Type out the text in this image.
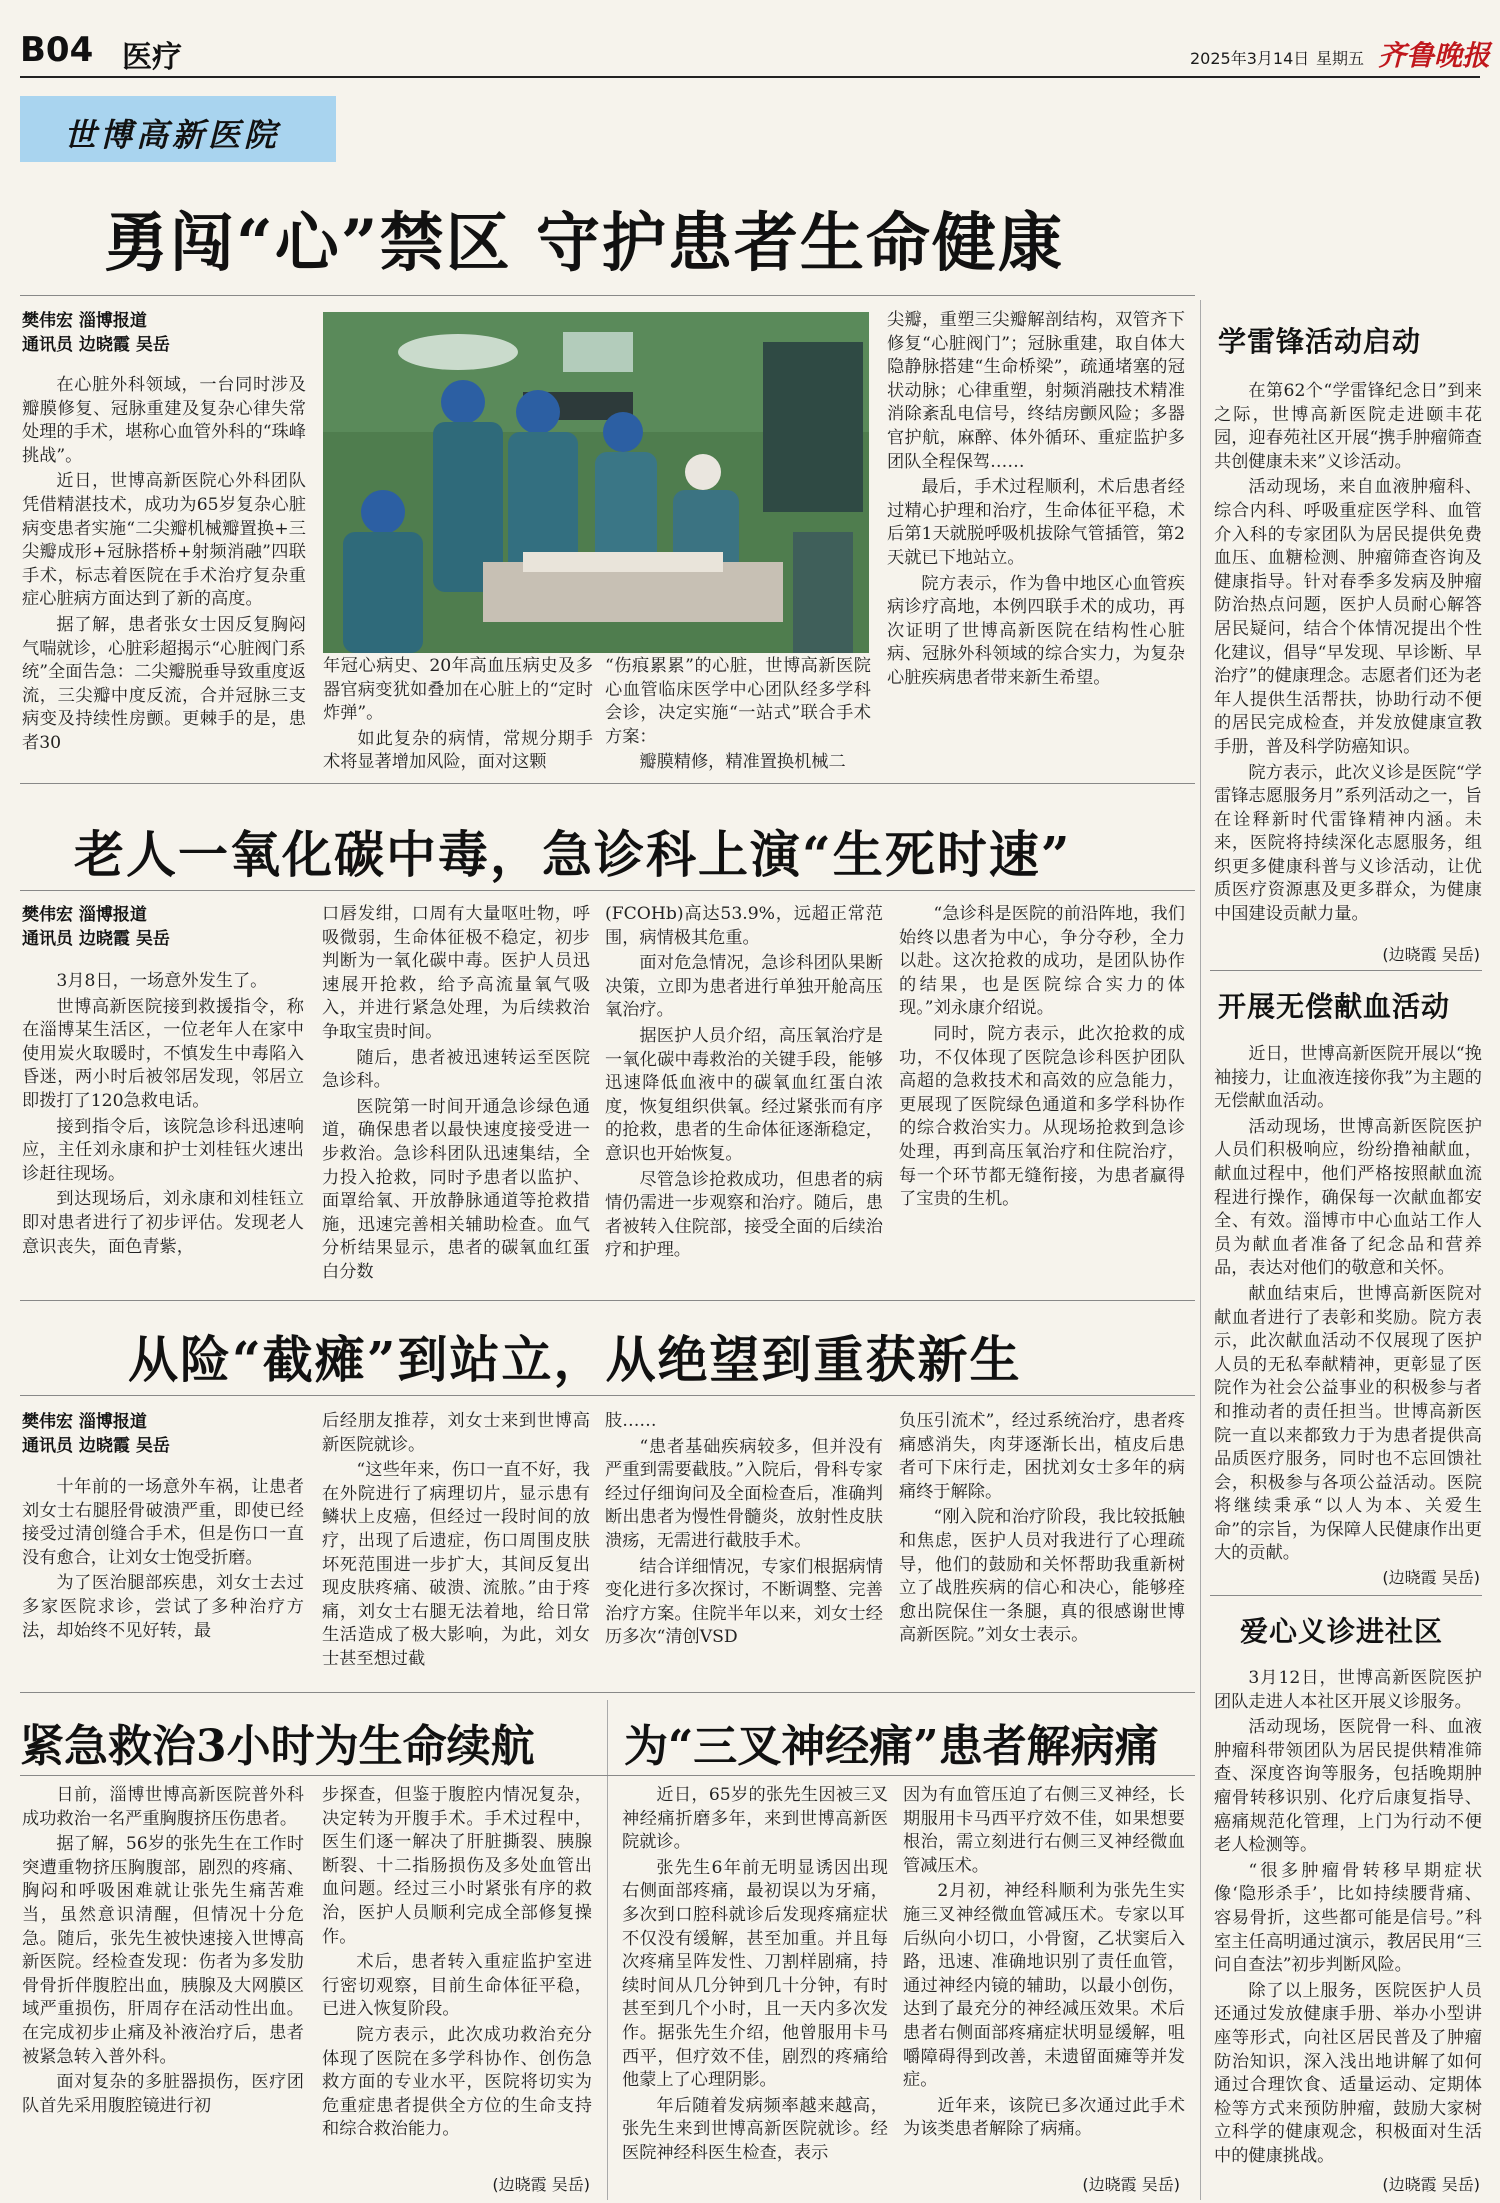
B04 医疗	2025年3月14日 星期五 齐鲁晚报
世博高新医院
勇闯“心”禁区 守护患者生命健康
樊伟宏 淄博报道
通讯员 边晓霞 吴岳

在心脏外科领域，一台同时涉及瓣膜修复、冠脉重建及复杂心律失常处理的手术，堪称心血管外科的“珠峰挑战”。

近日，世博高新医院心外科团队凭借精湛技术，成功为65岁复杂心脏病变患者实施“二尖瓣机械瓣置换+三尖瓣成形+冠脉搭桥+射频消融”四联手术，标志着医院在手术治疗复杂重症心脏病方面达到了新的高度。

据了解，患者张女士因反复胸闷气喘就诊，心脏彩超揭示“心脏阀门系统”全面告急：二尖瓣脱垂导致重度返流，三尖瓣中度反流，合并冠脉三支病变及持续性房颤。更棘手的是，患者30

年冠心病史、20年高血压病史及多器官病变犹如叠加在心脏上的“定时炸弹”。

如此复杂的病情，常规分期手术将显著增加风险，面对这颗

“伤痕累累”的心脏，世博高新医院心血管临床医学中心团队经多学科会诊，决定实施“一站式”联合手术方案：

瓣膜精修，精准置换机械二

尖瓣，重塑三尖瓣解剖结构，双管齐下修复“心脏阀门”；冠脉重建，取自体大隐静脉搭建“生命桥梁”，疏通堵塞的冠状动脉；心律重塑，射频消融技术精准消除紊乱电信号，终结房颤风险；多器官护航，麻醉、体外循环、重症监护多团队全程保驾……

最后，手术过程顺利，术后患者经过精心护理和治疗，生命体征平稳，术后第1天就脱呼吸机拔除气管插管，第2天就已下地站立。

院方表示，作为鲁中地区心血管疾病诊疗高地，本例四联手术的成功，再次证明了世博高新医院在结构性心脏病、冠脉外科领域的综合实力，为复杂心脏疾病患者带来新生希望。

老人一氧化碳中毒，急诊科上演“生死时速”
樊伟宏 淄博报道
通讯员 边晓霞 吴岳

3月8日，一场意外发生了。

世博高新医院接到救援指令，称在淄博某生活区，一位老年人在家中使用炭火取暖时，不慎发生中毒陷入昏迷，两小时后被邻居发现，邻居立即拨打了120急救电话。

接到指令后，该院急诊科迅速响应，主任刘永康和护士刘桂钰火速出诊赶往现场。

到达现场后，刘永康和刘桂钰立即对患者进行了初步评估。发现老人意识丧失，面色青紫，

口唇发绀，口周有大量呕吐物，呼吸微弱，生命体征极不稳定，初步判断为一氧化碳中毒。医护人员迅速展开抢救，给予高流量氧气吸入，并进行紧急处理，为后续救治争取宝贵时间。

随后，患者被迅速转运至医院急诊科。

医院第一时间开通急诊绿色通道，确保患者以最快速度接受进一步救治。急诊科团队迅速集结，全力投入抢救，同时予患者以监护、面罩给氧、开放静脉通道等抢救措施，迅速完善相关辅助检查。血气分析结果显示，患者的碳氧血红蛋白分数

(FCOHb)高达53.9%，远超正常范围，病情极其危重。

面对危急情况，急诊科团队果断决策，立即为患者进行单独开舱高压氧治疗。

据医护人员介绍，高压氧治疗是一氧化碳中毒救治的关键手段，能够迅速降低血液中的碳氧血红蛋白浓度，恢复组织供氧。经过紧张而有序的抢救，患者的生命体征逐渐稳定，意识也开始恢复。

尽管急诊抢救成功，但患者的病情仍需进一步观察和治疗。随后，患者被转入住院部，接受全面的后续治疗和护理。

“急诊科是医院的前沿阵地，我们始终以患者为中心，争分夺秒，全力以赴。这次抢救的成功，是团队协作的结果，也是医院综合实力的体现。”刘永康介绍说。

同时，院方表示，此次抢救的成功，不仅体现了医院急诊科医护团队高超的急救技术和高效的应急能力，更展现了医院绿色通道和多学科协作的综合救治实力。从现场抢救到急诊处理，再到高压氧治疗和住院治疗，每一个环节都无缝衔接，为患者赢得了宝贵的生机。

从险“截瘫”到站立，从绝望到重获新生
樊伟宏 淄博报道
通讯员 边晓霞 吴岳

十年前的一场意外车祸，让患者刘女士右腿胫骨破溃严重，即使已经接受过清创缝合手术，但是伤口一直没有愈合，让刘女士饱受折磨。

为了医治腿部疾患，刘女士去过多家医院求诊，尝试了多种治疗方法，却始终不见好转，最

后经朋友推荐，刘女士来到世博高新医院就诊。

“这些年来，伤口一直不好，我在外院进行了病理切片，显示患有鳞状上皮癌，但经过一段时间的放疗，出现了后遗症，伤口周围皮肤坏死范围进一步扩大，其间反复出现皮肤疼痛、破溃、流脓。”由于疼痛，刘女士右腿无法着地，给日常生活造成了极大影响，为此，刘女士甚至想过截

肢……

“患者基础疾病较多，但并没有严重到需要截肢。”入院后，骨科专家经过仔细询问及全面检查后，准确判断出患者为慢性骨髓炎，放射性皮肤溃疡，无需进行截肢手术。

结合详细情况，专家们根据病情变化进行多次探讨，不断调整、完善治疗方案。住院半年以来，刘女士经历多次“清创VSD

负压引流术”，经过系统治疗，患者疼痛感消失，肉芽逐渐长出，植皮后患者可下床行走，困扰刘女士多年的病痛终于解除。

“刚入院和治疗阶段，我比较抵触和焦虑，医护人员对我进行了心理疏导，他们的鼓励和关怀帮助我重新树立了战胜疾病的信心和决心，能够痊愈出院保住一条腿，真的很感谢世博高新医院。”刘女士表示。

紧急救治3小时为生命续航 为“三叉神经痛”患者解病痛

日前，淄博世博高新医院普外科成功救治一名严重胸腹挤压伤患者。

据了解，56岁的张先生在工作时突遭重物挤压胸腹部，剧烈的疼痛、胸闷和呼吸困难就让张先生痛苦难当，虽然意识清醒，但情况十分危急。随后，张先生被快速接入世博高新医院。经检查发现：伤者为多发肋骨骨折伴腹腔出血，胰腺及大网膜区域严重损伤，肝周存在活动性出血。在完成初步止痛及补液治疗后，患者被紧急转入普外科。

面对复杂的多脏器损伤，医疗团队首先采用腹腔镜进行初

步探查，但鉴于腹腔内情况复杂，决定转为开腹手术。手术过程中，医生们逐一解决了肝脏撕裂、胰腺断裂、十二指肠损伤及多处血管出血问题。经过三小时紧张有序的救治，医护人员顺利完成全部修复操作。

术后，患者转入重症监护室进行密切观察，目前生命体征平稳，已进入恢复阶段。

院方表示，此次成功救治充分体现了医院在多学科协作、创伤急救方面的专业水平，医院将切实为危重症患者提供全方位的生命支持和综合救治能力。

(边晓霞 吴岳)

近日，65岁的张先生因被三叉神经痛折磨多年，来到世博高新医院就诊。

张先生6年前无明显诱因出现右侧面部疼痛，最初误以为牙痛，多次到口腔科就诊后发现疼痛症状不仅没有缓解，甚至加重。并且每次疼痛呈阵发性、刀割样剧痛，持续时间从几分钟到几十分钟，有时甚至到几个小时，且一天内多次发作。据张先生介绍，他曾服用卡马西平，但疗效不佳，剧烈的疼痛给他蒙上了心理阴影。

年后随着发病频率越来越高，张先生来到世博高新医院就诊。经医院神经科医生检查，表示

因为有血管压迫了右侧三叉神经，长期服用卡马西平疗效不佳，如果想要根治，需立刻进行右侧三叉神经微血管减压术。

2月初，神经科顺利为张先生实施三叉神经微血管减压术。专家以耳后纵向小切口，小骨窗，乙状窦后入路，迅速、准确地识别了责任血管，通过神经内镜的辅助，以最小创伤，达到了最充分的神经减压效果。术后患者右侧面部疼痛症状明显缓解，咀嚼障碍得到改善，未遗留面瘫等并发症。

近年来，该院已多次通过此手术为该类患者解除了病痛。

(边晓霞 吴岳)
学雷锋活动启动

在第62个“学雷锋纪念日”到来之际，世博高新医院走进颐丰花园，迎春苑社区开展“携手肿瘤筛查 共创健康未来”义诊活动。

活动现场，来自血液肿瘤科、综合内科、呼吸重症医学科、血管介入科的专家团队为居民提供免费血压、血糖检测、肿瘤筛查咨询及健康指导。针对春季多发病及肿瘤防治热点问题，医护人员耐心解答居民疑问，结合个体情况提出个性化建议，倡导“早发现、早诊断、早治疗”的健康理念。志愿者们还为老年人提供生活帮扶，协助行动不便的居民完成检查，并发放健康宣教手册，普及科学防癌知识。

院方表示，此次义诊是医院“学雷锋志愿服务月”系列活动之一，旨在诠释新时代雷锋精神内涵。未来，医院将持续深化志愿服务，组织更多健康科普与义诊活动，让优质医疗资源惠及更多群众，为健康中国建设贡献力量。

(边晓霞 吴岳)
开展无偿献血活动

近日，世博高新医院开展以“挽袖接力，让血液连接你我”为主题的无偿献血活动。

活动现场，世博高新医院医护人员们积极响应，纷纷撸袖献血，献血过程中，他们严格按照献血流程进行操作，确保每一次献血都安全、有效。淄博市中心血站工作人员为献血者准备了纪念品和营养品，表达对他们的敬意和关怀。

献血结束后，世博高新医院对献血者进行了表彰和奖励。院方表示，此次献血活动不仅展现了医护人员的无私奉献精神，更彰显了医院作为社会公益事业的积极参与者和推动者的责任担当。世博高新医院一直以来都致力于为患者提供高品质医疗服务，同时也不忘回馈社会，积极参与各项公益活动。医院将继续秉承“以人为本、关爱生命”的宗旨，为保障人民健康作出更大的贡献。

(边晓霞 吴岳)
爱心义诊进社区

3月12日，世博高新医院医护团队走进人本社区开展义诊服务。

活动现场，医院骨一科、血液肿瘤科带领团队为居民提供精准筛查、深度咨询等服务，包括晚期肿瘤骨转移识别、化疗后康复指导、癌痛规范化管理，上门为行动不便老人检测等。

“很多肿瘤骨转移早期症状像‘隐形杀手’，比如持续腰背痛、容易骨折，这些都可能是信号。”科室主任高明通过演示，教居民用“三问自查法”初步判断风险。

除了以上服务，医院医护人员还通过发放健康手册、举办小型讲座等形式，向社区居民普及了肿瘤防治知识，深入浅出地讲解了如何通过合理饮食、适量运动、定期体检等方式来预防肿瘤，鼓励大家树立科学的健康观念，积极面对生活中的健康挑战。

(边晓霞 吴岳)
